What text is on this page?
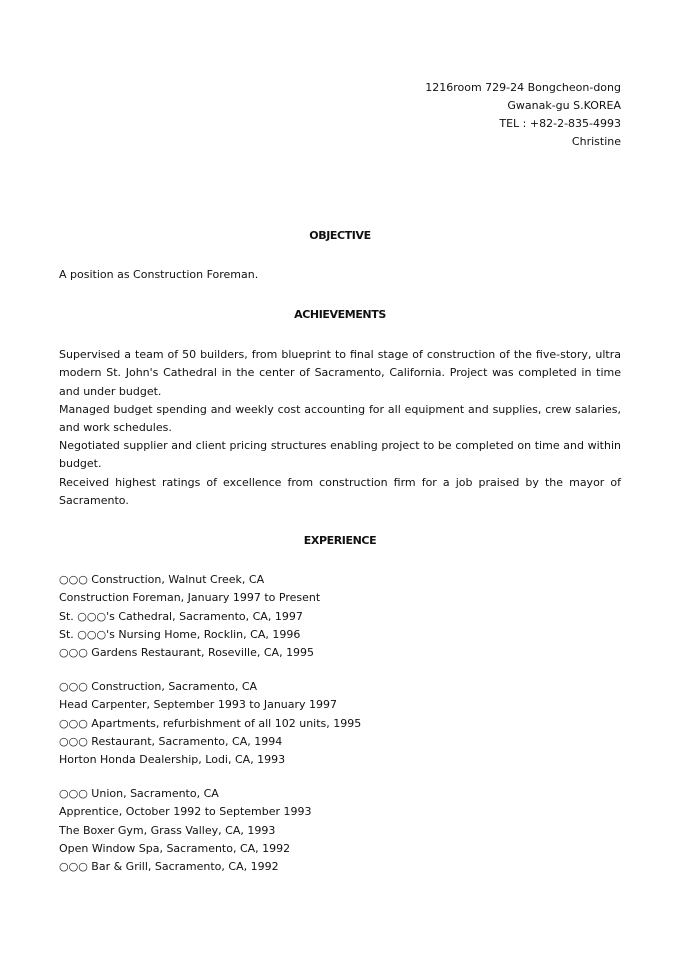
1216room 729-24 Bongcheon-dong
Gwanak-gu S.KOREA
TEL : +82-2-835-4993
Christine
OBJECTIVE
A position as Construction Foreman.
ACHIEVEMENTS
Supervised a team of 50 builders, from blueprint to final stage of construction of the five-story, ultra modern St. John's Cathedral in the center of Sacramento, California. Project was completed in time and under budget.
Managed budget spending and weekly cost accounting for all equipment and supplies, crew salaries, and work schedules.
Negotiated supplier and client pricing structures enabling project to be completed on time and within budget.
Received highest ratings of excellence from construction firm for a job praised by the mayor of Sacramento.
EXPERIENCE
○○○ Construction, Walnut Creek, CA
Construction Foreman, January 1997 to Present
St. ○○○'s Cathedral, Sacramento, CA, 1997
St. ○○○'s Nursing Home, Rocklin, CA, 1996
○○○ Gardens Restaurant, Roseville, CA, 1995
○○○ Construction, Sacramento, CA
Head Carpenter, September 1993 to January 1997
○○○ Apartments, refurbishment of all 102 units, 1995
○○○ Restaurant, Sacramento, CA, 1994
Horton Honda Dealership, Lodi, CA, 1993
○○○ Union, Sacramento, CA
Apprentice, October 1992 to September 1993
The Boxer Gym, Grass Valley, CA, 1993
Open Window Spa, Sacramento, CA, 1992
○○○ Bar & Grill, Sacramento, CA, 1992
